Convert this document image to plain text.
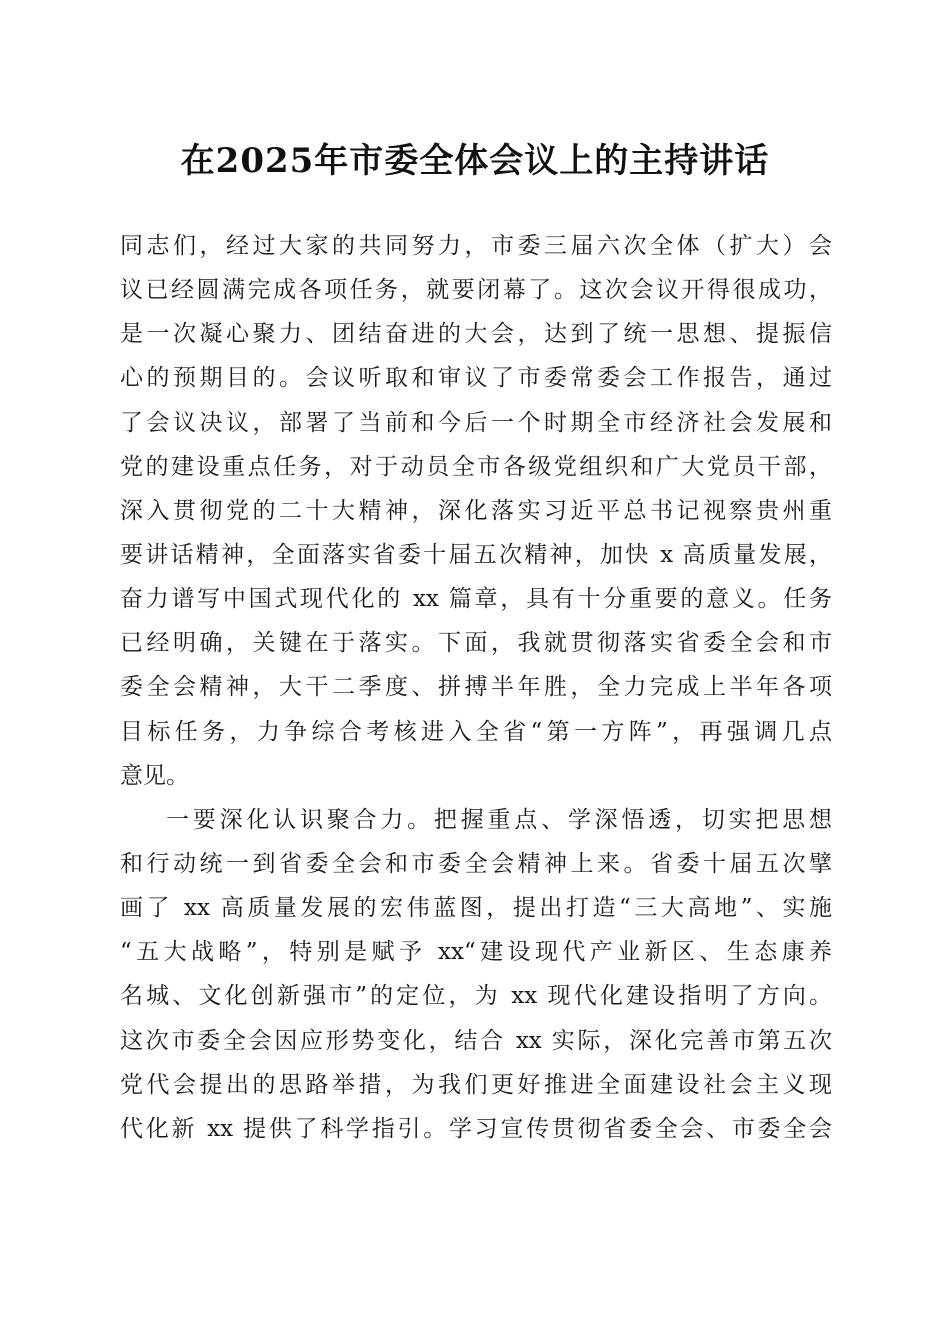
在2025年市委全体会议上的主持讲话
同志们，经过大家的共同努力，市委三届六次全体（扩大）会
议已经圆满完成各项任务，就要闭幕了。这次会议开得很成功，
是一次凝心聚力、团结奋进的大会，达到了统一思想、提振信
心的预期目的。会议听取和审议了市委常委会工作报告，通过
了会议决议，部署了当前和今后一个时期全市经济社会发展和
党的建设重点任务，对于动员全市各级党组织和广大党员干部，
深入贯彻党的二十大精神，深化落实习近平总书记视察贵州重
要讲话精神，全面落实省委十届五次精神，加快 x 高质量发展，
奋力谱写中国式现代化的 xx 篇章，具有十分重要的意义。任务
已经明确，关键在于落实。下面，我就贯彻落实省委全会和市
委全会精神，大干二季度、拼搏半年胜，全力完成上半年各项
目标任务，力争综合考核进入全省“第一方阵”，再强调几点
意见。
一要深化认识聚合力。把握重点、学深悟透，切实把思想
和行动统一到省委全会和市委全会精神上来。省委十届五次擘
画了 xx 高质量发展的宏伟蓝图，提出打造“三大高地”、实施
“五大战略”，特别是赋予 xx“建设现代产业新区、生态康养
名城、文化创新强市”的定位，为 xx 现代化建设指明了方向。
这次市委全会因应形势变化，结合 xx 实际，深化完善市第五次
党代会提出的思路举措，为我们更好推进全面建设社会主义现
代化新 xx 提供了科学指引。学习宣传贯彻省委全会、市委全会
